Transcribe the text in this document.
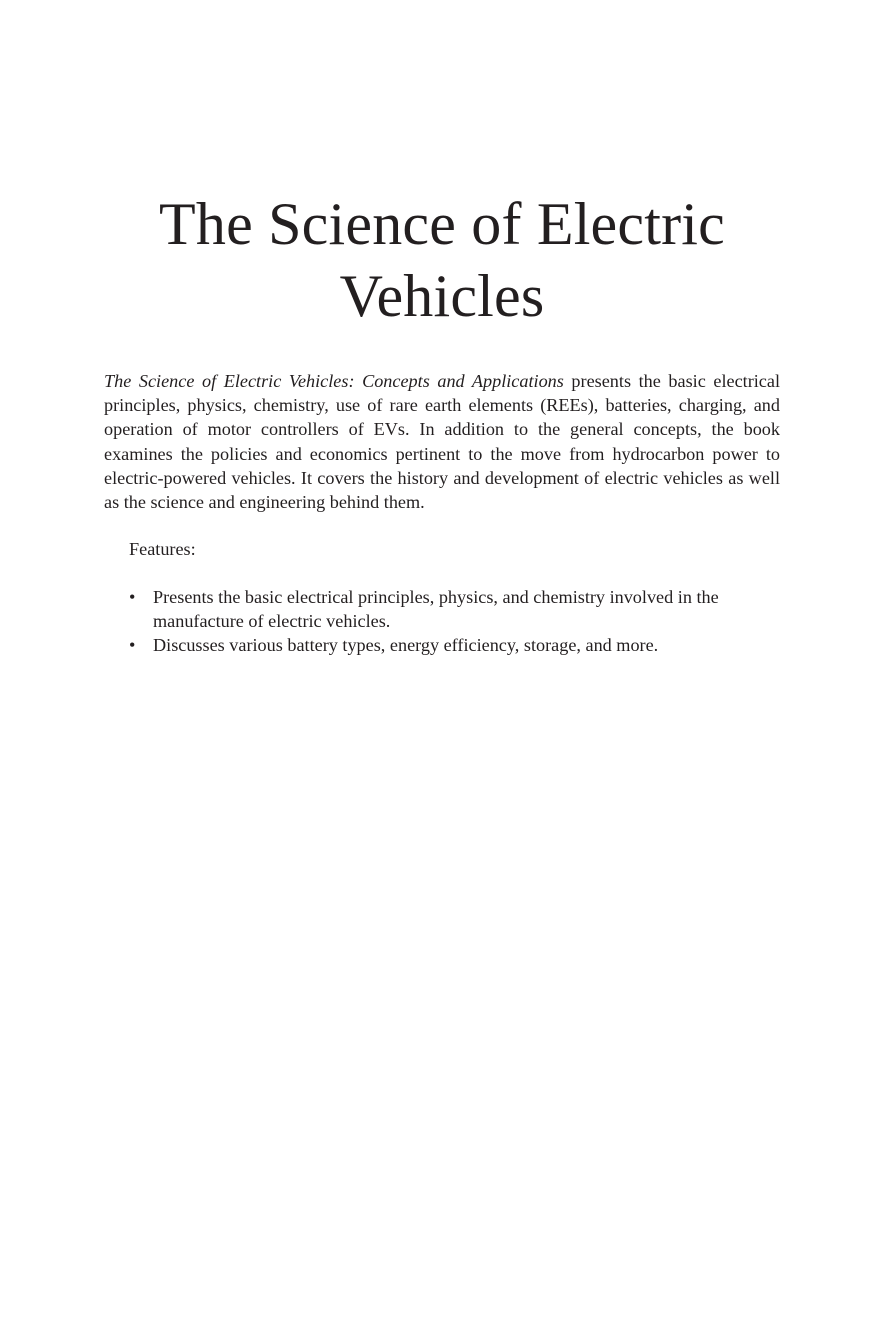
The Science of Electric Vehicles

The Science of Electric Vehicles: Concepts and Applications presents the basic electrical principles, physics, chemistry, use of rare earth elements (REEs), batteries, charging, and operation of motor controllers of EVs. In addition to the general concepts, the book examines the policies and economics pertinent to the move from hydrocarbon power to electric-powered vehicles. It covers the history and development of electric vehicles as well as the science and engineering behind them.

Features:

• Presents the basic electrical principles, physics, and chemistry involved in the manufacture of electric vehicles.
• Discusses various battery types, energy efficiency, storage, and more.
